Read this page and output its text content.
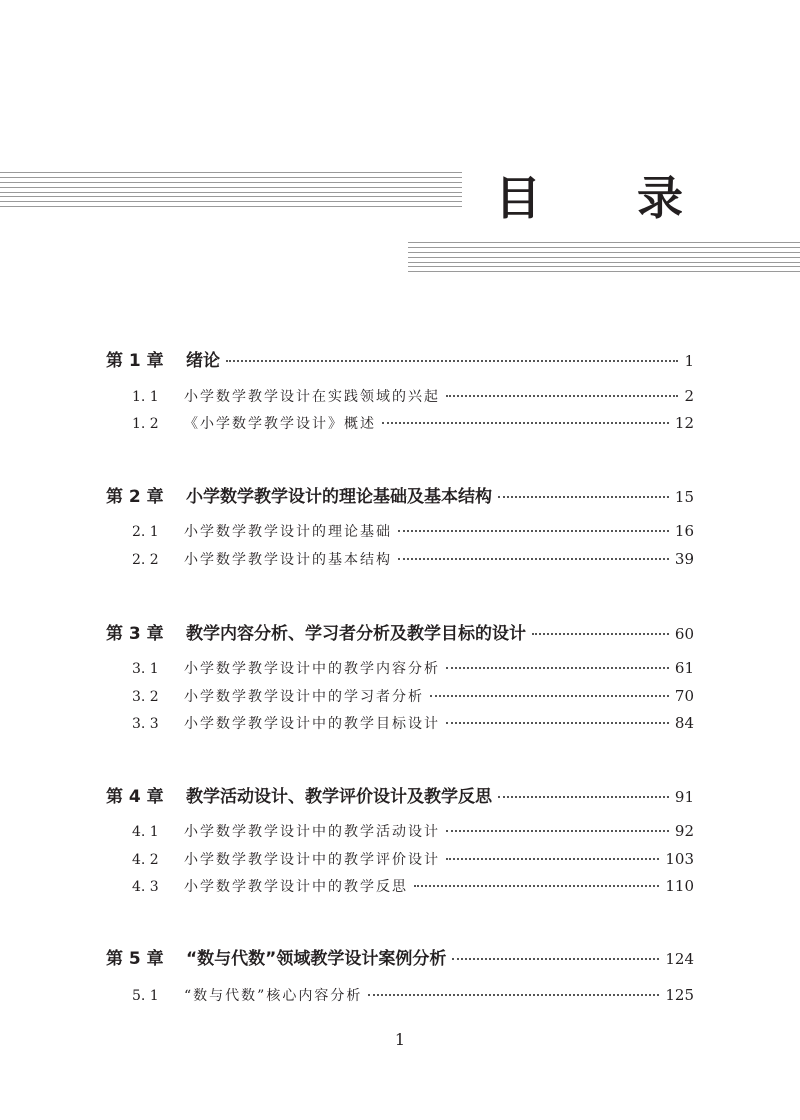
目 录
第 1 章	绪论	1
1. 1	小学数学教学设计在实践领域的兴起	2
1. 2	《小学数学教学设计》概述	12
第 2 章	小学数学教学设计的理论基础及基本结构	15
2. 1	小学数学教学设计的理论基础	16
2. 2	小学数学教学设计的基本结构	39
第 3 章	教学内容分析、学习者分析及教学目标的设计	60
3. 1	小学数学教学设计中的教学内容分析	61
3. 2	小学数学教学设计中的学习者分析	70
3. 3	小学数学教学设计中的教学目标设计	84
第 4 章	教学活动设计、教学评价设计及教学反思	91
4. 1	小学数学教学设计中的教学活动设计	92
4. 2	小学数学教学设计中的教学评价设计	103
4. 3	小学数学教学设计中的教学反思	110
第 5 章	“数与代数”领域教学设计案例分析	124
5. 1	“数与代数”核心内容分析	125
1
